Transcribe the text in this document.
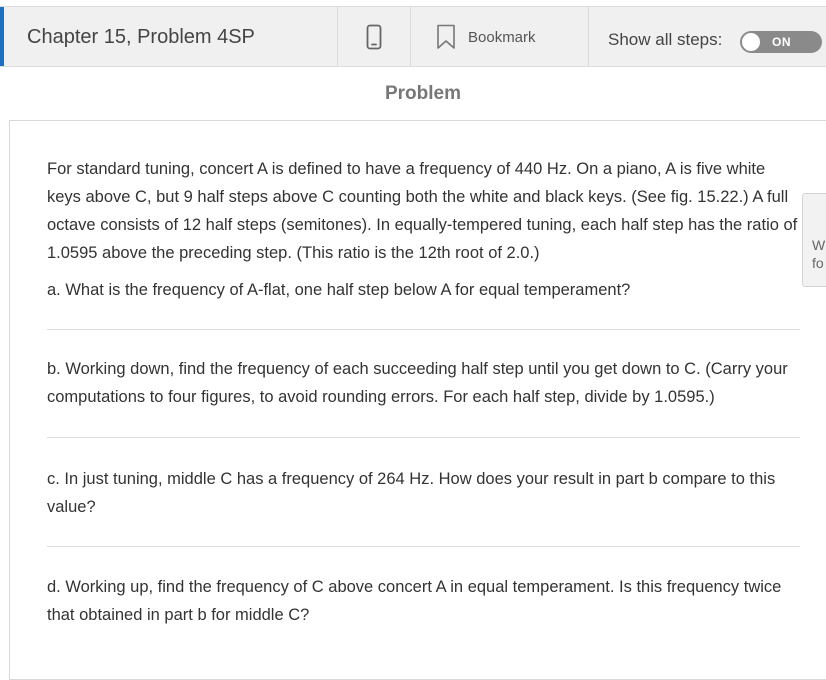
Chapter 15, Problem 4SP	Bookmark	Show all steps:	ON
Problem

For standard tuning, concert A is defined to have a frequency of 440 Hz. On a piano, A is five white keys above C, but 9 half steps above C counting both the white and black keys. (See fig. 15.22.) A full octave consists of 12 half steps (semitones). In equally-tempered tuning, each half step has the ratio of 1.0595 above the preceding step. (This ratio is the 12th root of 2.0.)

a. What is the frequency of A-flat, one half step below A for equal temperament?

b. Working down, find the frequency of each succeeding half step until you get down to C. (Carry your computations to four figures, to avoid rounding errors. For each half step, divide by 1.0595.)

c. In just tuning, middle C has a frequency of 264 Hz. How does your result in part b compare to this value?

d. Working up, find the frequency of C above concert A in equal temperament. Is this frequency twice that obtained in part b for middle C?

W
fo
